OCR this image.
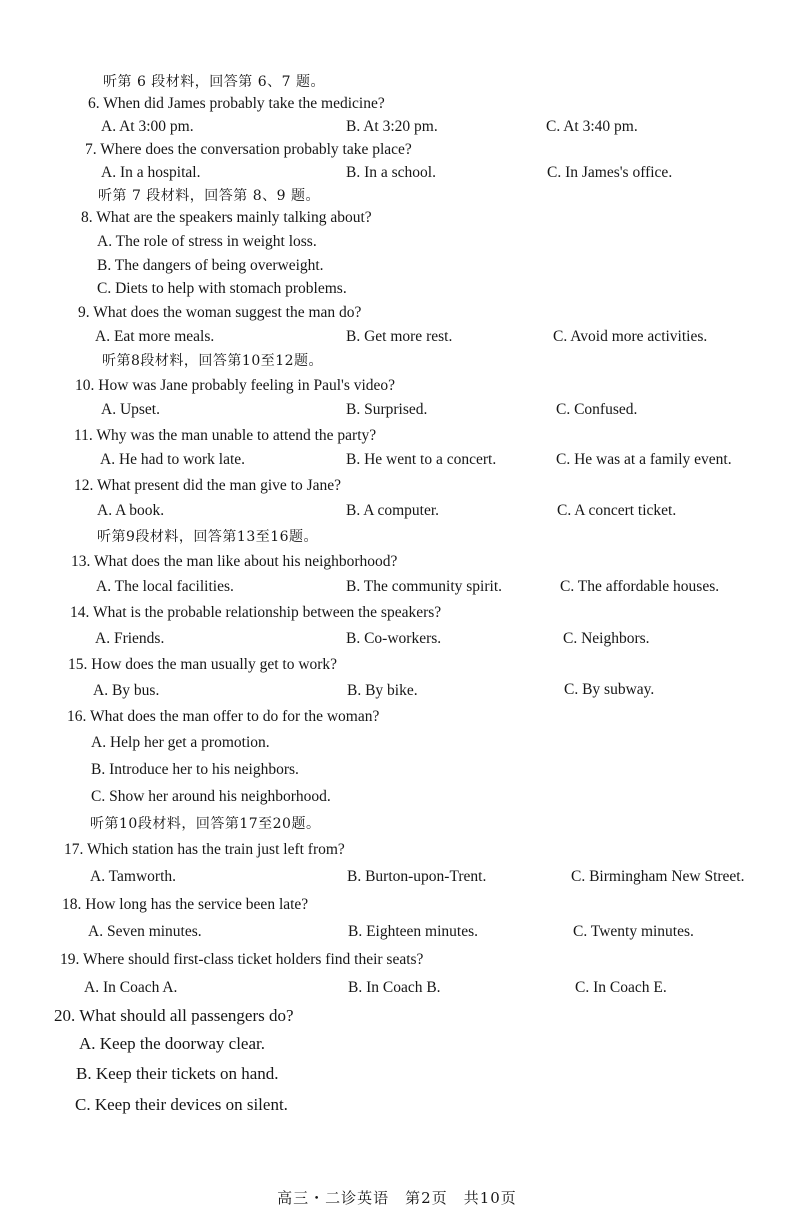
听第 6 段材料，回答第 6、7 题。
6. When did James probably take the medicine?
A. At 3:00 pm.	B. At 3:20 pm.	C. At 3:40 pm.
7. Where does the conversation probably take place?
A. In a hospital.	B. In a school.	C. In James's office.
听第 7 段材料，回答第 8、9 题。
8. What are the speakers mainly talking about?
A. The role of stress in weight loss.
B. The dangers of being overweight.
C. Diets to help with stomach problems.
9. What does the woman suggest the man do?
A. Eat more meals.	B. Get more rest.	C. Avoid more activities.
听第8段材料，回答第10至12题。
10. How was Jane probably feeling in Paul's video?
A. Upset.	B. Surprised.	C. Confused.
11. Why was the man unable to attend the party?
A. He had to work late.	B. He went to a concert.	C. He was at a family event.
12. What present did the man give to Jane?
A. A book.	B. A computer.	C. A concert ticket.
听第9段材料，回答第13至16题。
13. What does the man like about his neighborhood?
A. The local facilities.	B. The community spirit.	C. The affordable houses.
14. What is the probable relationship between the speakers?
A. Friends.	B. Co-workers.	C. Neighbors.
15. How does the man usually get to work?
A. By bus.	B. By bike.	C. By subway.
16. What does the man offer to do for the woman?
A. Help her get a promotion.
B. Introduce her to his neighbors.
C. Show her around his neighborhood.
听第10段材料，回答第17至20题。
17. Which station has the train just left from?
A. Tamworth.	B. Burton-upon-Trent.	C. Birmingham New Street.
18. How long has the service been late?
A. Seven minutes.	B. Eighteen minutes.	C. Twenty minutes.
19. Where should first-class ticket holders find their seats?
A. In Coach A.	B. In Coach B.	C. In Coach E.
20. What should all passengers do?
A. Keep the doorway clear.
B. Keep their tickets on hand.
C. Keep their devices on silent.
高三・二诊英语　第2页　共10页
